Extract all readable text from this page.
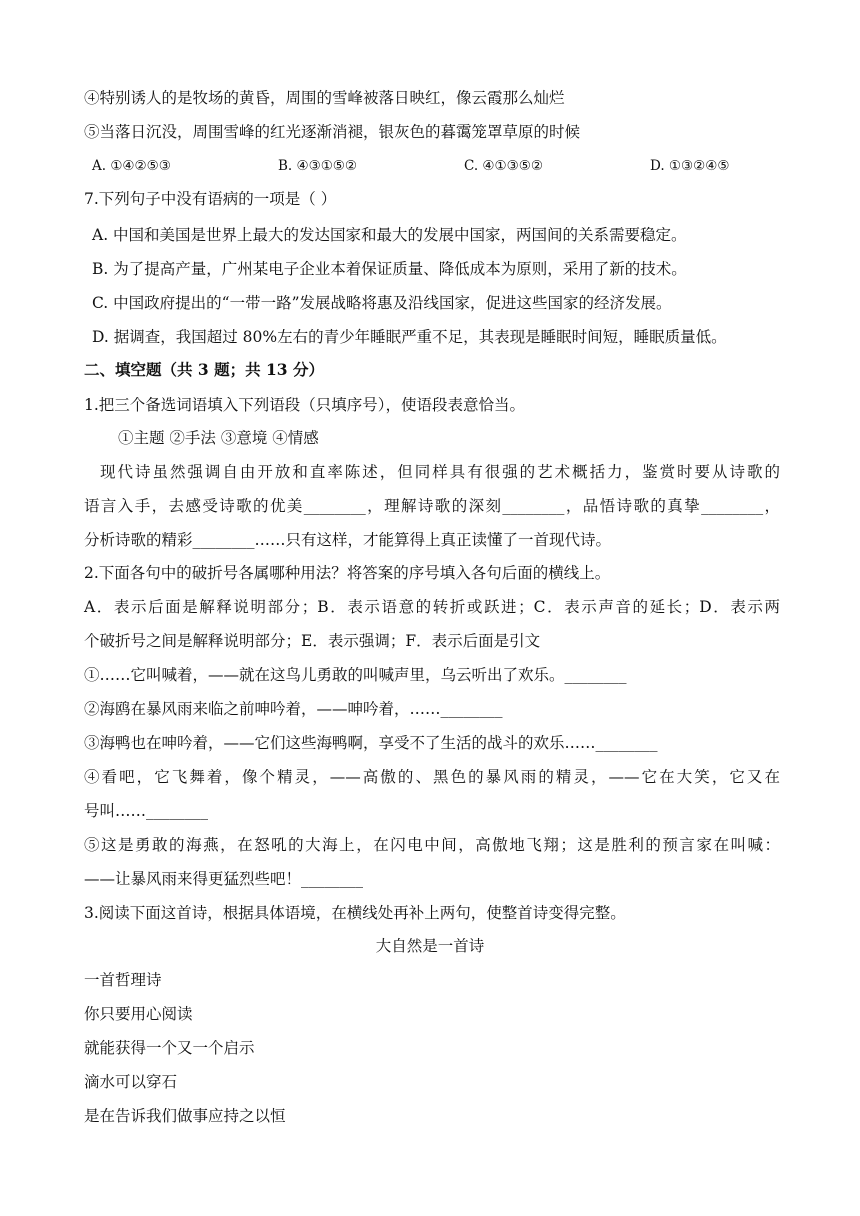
④特别诱人的是牧场的黄昏，周围的雪峰被落日映红，像云霞那么灿烂
⑤当落日沉没，周围雪峰的红光逐渐消褪，银灰色的暮霭笼罩草原的时候
A. ①④②⑤③	B. ④③①⑤②	C. ④①③⑤②	D. ①③②④⑤
7.下列句子中没有语病的一项是（ ）
A. 中国和美国是世界上最大的发达国家和最大的发展中国家，两国间的关系需要稳定。
B. 为了提高产量，广州某电子企业本着保证质量、降低成本为原则，采用了新的技术。
C. 中国政府提出的“一带一路”发展战略将惠及沿线国家，促进这些国家的经济发展。
D. 据调查，我国超过 80%左右的青少年睡眠严重不足，其表现是睡眠时间短，睡眠质量低。
二、填空题（共 3 题；共 13 分）
1.把三个备选词语填入下列语段（只填序号），使语段表意恰当。
①主题 ②手法 ③意境 ④情感
现代诗虽然强调自由开放和直率陈述，但同样具有很强的艺术概括力，鉴赏时要从诗歌的
语言入手，去感受诗歌的优美________，理解诗歌的深刻________，品悟诗歌的真挚________，
分析诗歌的精彩________……只有这样，才能算得上真正读懂了一首现代诗。
2.下面各句中的破折号各属哪种用法？将答案的序号填入各句后面的横线上。
A．表示后面是解释说明部分；B．表示语意的转折或跃进；C．表示声音的延长；D．表示两
个破折号之间是解释说明部分；E．表示强调；F．表示后面是引文
①……它叫喊着，——就在这鸟儿勇敢的叫喊声里，乌云听出了欢乐。________
②海鸥在暴风雨来临之前呻吟着，——呻吟着，……________
③海鸭也在呻吟着，——它们这些海鸭啊，享受不了生活的战斗的欢乐……________
④看吧，它飞舞着，像个精灵，——高傲的、黑色的暴风雨的精灵，——它在大笑，它又在
号叫……________
⑤这是勇敢的海燕，在怒吼的大海上，在闪电中间，高傲地飞翔；这是胜利的预言家在叫喊：
——让暴风雨来得更猛烈些吧！________
3.阅读下面这首诗，根据具体语境，在横线处再补上两句，使整首诗变得完整。
大自然是一首诗
一首哲理诗
你只要用心阅读
就能获得一个又一个启示
滴水可以穿石
是在告诉我们做事应持之以恒
